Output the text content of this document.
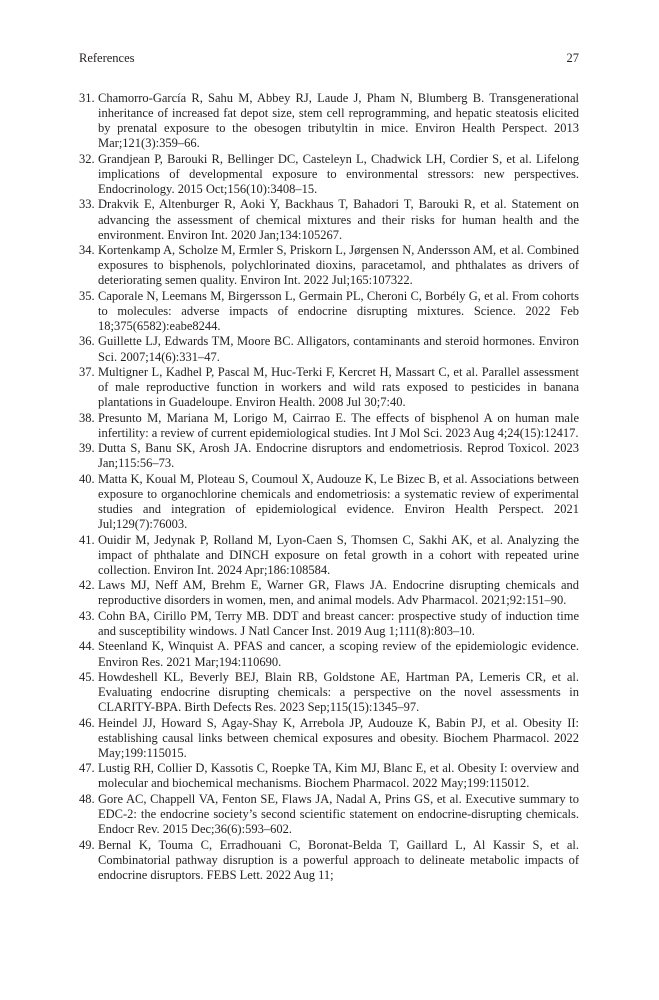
References	27
31. Chamorro-García R, Sahu M, Abbey RJ, Laude J, Pham N, Blumberg B. Transgenerational inheritance of increased fat depot size, stem cell reprogramming, and hepatic steatosis elicited by prenatal exposure to the obesogen tributyltin in mice. Environ Health Perspect. 2013 Mar;121(3):359–66.
32. Grandjean P, Barouki R, Bellinger DC, Casteleyn L, Chadwick LH, Cordier S, et al. Lifelong implications of developmental exposure to environmental stressors: new perspectives. Endocrinology. 2015 Oct;156(10):3408–15.
33. Drakvik E, Altenburger R, Aoki Y, Backhaus T, Bahadori T, Barouki R, et al. Statement on advancing the assessment of chemical mixtures and their risks for human health and the environment. Environ Int. 2020 Jan;134:105267.
34. Kortenkamp A, Scholze M, Ermler S, Priskorn L, Jørgensen N, Andersson AM, et al. Combined exposures to bisphenols, polychlorinated dioxins, paracetamol, and phthalates as drivers of deteriorating semen quality. Environ Int. 2022 Jul;165:107322.
35. Caporale N, Leemans M, Birgersson L, Germain PL, Cheroni C, Borbély G, et al. From cohorts to molecules: adverse impacts of endocrine disrupting mixtures. Science. 2022 Feb 18;375(6582):eabe8244.
36. Guillette LJ, Edwards TM, Moore BC. Alligators, contaminants and steroid hormones. Environ Sci. 2007;14(6):331–47.
37. Multigner L, Kadhel P, Pascal M, Huc-Terki F, Kercret H, Massart C, et al. Parallel assessment of male reproductive function in workers and wild rats exposed to pesticides in banana plantations in Guadeloupe. Environ Health. 2008 Jul 30;7:40.
38. Presunto M, Mariana M, Lorigo M, Cairrao E. The effects of bisphenol A on human male infertility: a review of current epidemiological studies. Int J Mol Sci. 2023 Aug 4;24(15):12417.
39. Dutta S, Banu SK, Arosh JA. Endocrine disruptors and endometriosis. Reprod Toxicol. 2023 Jan;115:56–73.
40. Matta K, Koual M, Ploteau S, Coumoul X, Audouze K, Le Bizec B, et al. Associations between exposure to organochlorine chemicals and endometriosis: a systematic review of experimental studies and integration of epidemiological evidence. Environ Health Perspect. 2021 Jul;129(7):76003.
41. Ouidir M, Jedynak P, Rolland M, Lyon-Caen S, Thomsen C, Sakhi AK, et al. Analyzing the impact of phthalate and DINCH exposure on fetal growth in a cohort with repeated urine collection. Environ Int. 2024 Apr;186:108584.
42. Laws MJ, Neff AM, Brehm E, Warner GR, Flaws JA. Endocrine disrupting chemicals and reproductive disorders in women, men, and animal models. Adv Pharmacol. 2021;92:151–90.
43. Cohn BA, Cirillo PM, Terry MB. DDT and breast cancer: prospective study of induction time and susceptibility windows. J Natl Cancer Inst. 2019 Aug 1;111(8):803–10.
44. Steenland K, Winquist A. PFAS and cancer, a scoping review of the epidemiologic evidence. Environ Res. 2021 Mar;194:110690.
45. Howdeshell KL, Beverly BEJ, Blain RB, Goldstone AE, Hartman PA, Lemeris CR, et al. Evaluating endocrine disrupting chemicals: a perspective on the novel assessments in CLARITY-BPA. Birth Defects Res. 2023 Sep;115(15):1345–97.
46. Heindel JJ, Howard S, Agay-Shay K, Arrebola JP, Audouze K, Babin PJ, et al. Obesity II: establishing causal links between chemical exposures and obesity. Biochem Pharmacol. 2022 May;199:115015.
47. Lustig RH, Collier D, Kassotis C, Roepke TA, Kim MJ, Blanc E, et al. Obesity I: overview and molecular and biochemical mechanisms. Biochem Pharmacol. 2022 May;199:115012.
48. Gore AC, Chappell VA, Fenton SE, Flaws JA, Nadal A, Prins GS, et al. Executive summary to EDC-2: the endocrine society’s second scientific statement on endocrine-disrupting chemicals. Endocr Rev. 2015 Dec;36(6):593–602.
49. Bernal K, Touma C, Erradhouani C, Boronat-Belda T, Gaillard L, Al Kassir S, et al. Combinatorial pathway disruption is a powerful approach to delineate metabolic impacts of endocrine disruptors. FEBS Lett. 2022 Aug 11;
